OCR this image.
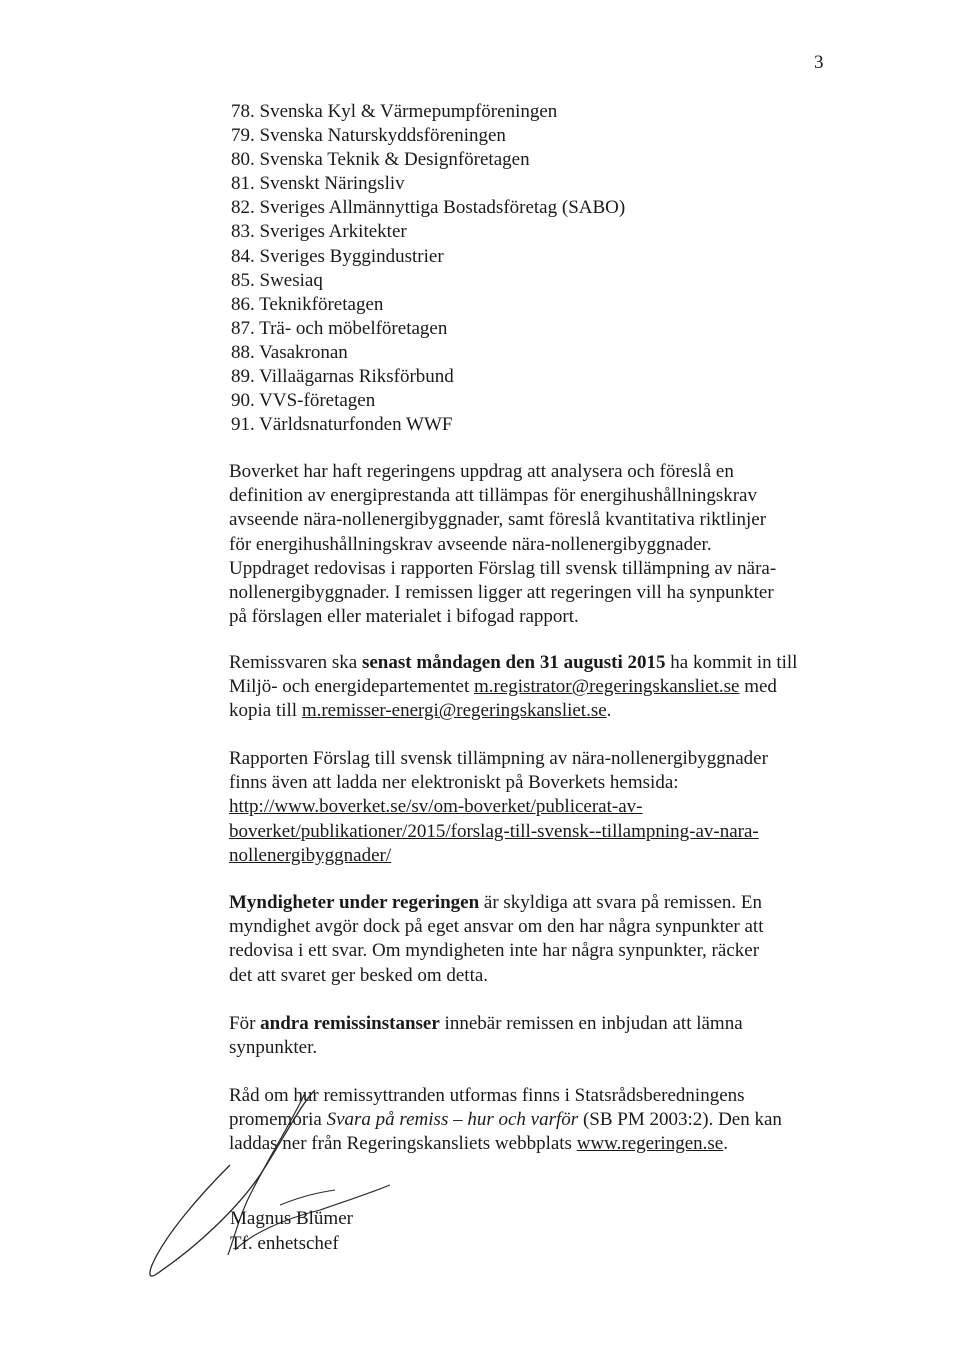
3
78. Svenska Kyl & Värmepumpföreningen
79. Svenska Naturskyddsföreningen
80. Svenska Teknik & Designföretagen
81. Svenskt Näringsliv
82. Sveriges Allmännyttiga Bostadsföretag (SABO)
83. Sveriges Arkitekter
84. Sveriges Byggindustrier
85. Swesiaq
86. Teknikföretagen
87. Trä- och möbelföretagen
88. Vasakronan
89. Villaägarnas Riksförbund
90. VVS-företagen
91. Världsnaturfonden WWF

Boverket har haft regeringens uppdrag att analysera och föreslå en
definition av energiprestanda att tillämpas för energihushållningskrav
avseende nära-nollenergibyggnader, samt föreslå kvantitativa riktlinjer
för energihushållningskrav avseende nära-nollenergibyggnader.
Uppdraget redovisas i rapporten Förslag till svensk tillämpning av nära-
nollenergibyggnader. I remissen ligger att regeringen vill ha synpunkter
på förslagen eller materialet i bifogad rapport.

Remissvaren ska senast måndagen den 31 augusti 2015 ha kommit in till
Miljö- och energidepartementet m.registrator@regeringskansliet.se med
kopia till m.remisser-energi@regeringskansliet.se.

Rapporten Förslag till svensk tillämpning av nära-nollenergibyggnader
finns även att ladda ner elektroniskt på Boverkets hemsida:
http://www.boverket.se/sv/om-boverket/publicerat-av-
boverket/publikationer/2015/forslag-till-svensk--tillampning-av-nara-
nollenergibyggnader/

Myndigheter under regeringen är skyldiga att svara på remissen. En
myndighet avgör dock på eget ansvar om den har några synpunkter att
redovisa i ett svar. Om myndigheten inte har några synpunkter, räcker
det att svaret ger besked om detta.

För andra remissinstanser innebär remissen en inbjudan att lämna
synpunkter.

Råd om hur remissyttranden utformas finns i Statsrådsberedningens
promemoria Svara på remiss – hur och varför (SB PM 2003:2). Den kan
laddas ner från Regeringskansliets webbplats www.regeringen.se.

Magnus Blümer
Tf. enhetschef
